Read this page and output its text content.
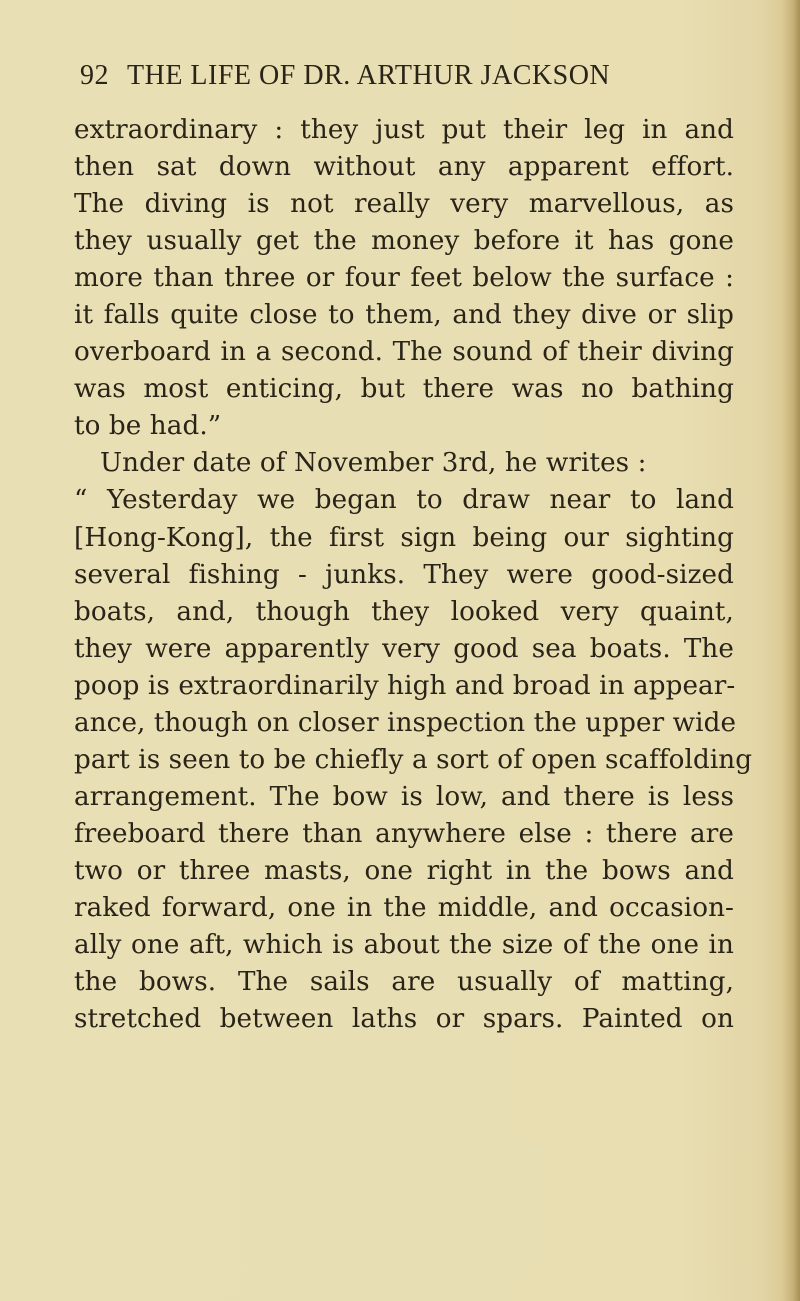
92 THE LIFE OF DR. ARTHUR JACKSON
extraordinary : they just put their leg in and
then sat down without any apparent effort.
The diving is not really very marvellous, as
they usually get the money before it has gone
more than three or four feet below the surface :
it falls quite close to them, and they dive or slip
overboard in a second. The sound of their diving
was most enticing, but there was no bathing
to be had.”
Under date of November 3rd, he writes :
“ Yesterday we began to draw near to land
[Hong-Kong], the first sign being our sighting
several fishing - junks. They were good-sized
boats, and, though they looked very quaint,
they were apparently very good sea boats. The
poop is extraordinarily high and broad in appear-
ance, though on closer inspection the upper wide
part is seen to be chiefly a sort of open scaffolding
arrangement. The bow is low, and there is less
freeboard there than anywhere else : there are
two or three masts, one right in the bows and
raked forward, one in the middle, and occasion-
ally one aft, which is about the size of the one in
the bows. The sails are usually of matting,
stretched between laths or spars. Painted on
